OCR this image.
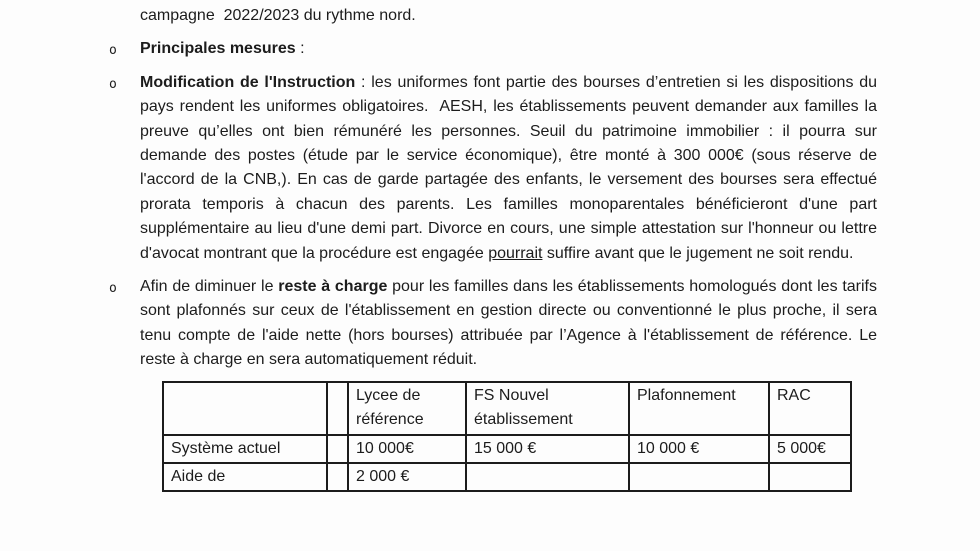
campagne  2022/2023 du rythme nord.

o Principales mesures :

o Modification de l'Instruction : les uniformes font partie des bourses d’entretien si les dispositions du pays rendent les uniformes obligatoires.  AESH, les établissements peuvent demander aux familles la preuve qu’elles ont bien rémunéré les personnes. Seuil du patrimoine immobilier : il pourra sur demande des postes (étude par le service économique), être monté à 300 000€ (sous réserve de l'accord de la CNB,). En cas de garde partagée des enfants, le versement des bourses sera effectué prorata temporis à chacun des parents. Les familles monoparentales bénéficieront d'une part supplémentaire au lieu d'une demi part. Divorce en cours, une simple attestation sur l'honneur ou lettre d'avocat montrant que la procédure est engagée pourrait suffire avant que le jugement ne soit rendu.

o Afin de diminuer le reste à charge pour les familles dans les établissements homologués dont les tarifs sont plafonnés sur ceux de l'établissement en gestion directe ou conventionné le plus proche, il sera tenu compte de l'aide nette (hors bourses) attribuée par l’Agence à l'établissement de référence. Le reste à charge en sera automatiquement réduit.

		Lycee de référence	FS Nouvel établissement	Plafonnement	RAC
Système actuel		10 000€	15 000 €	10 000 €	5 000€
Aide de		2 000 €			
